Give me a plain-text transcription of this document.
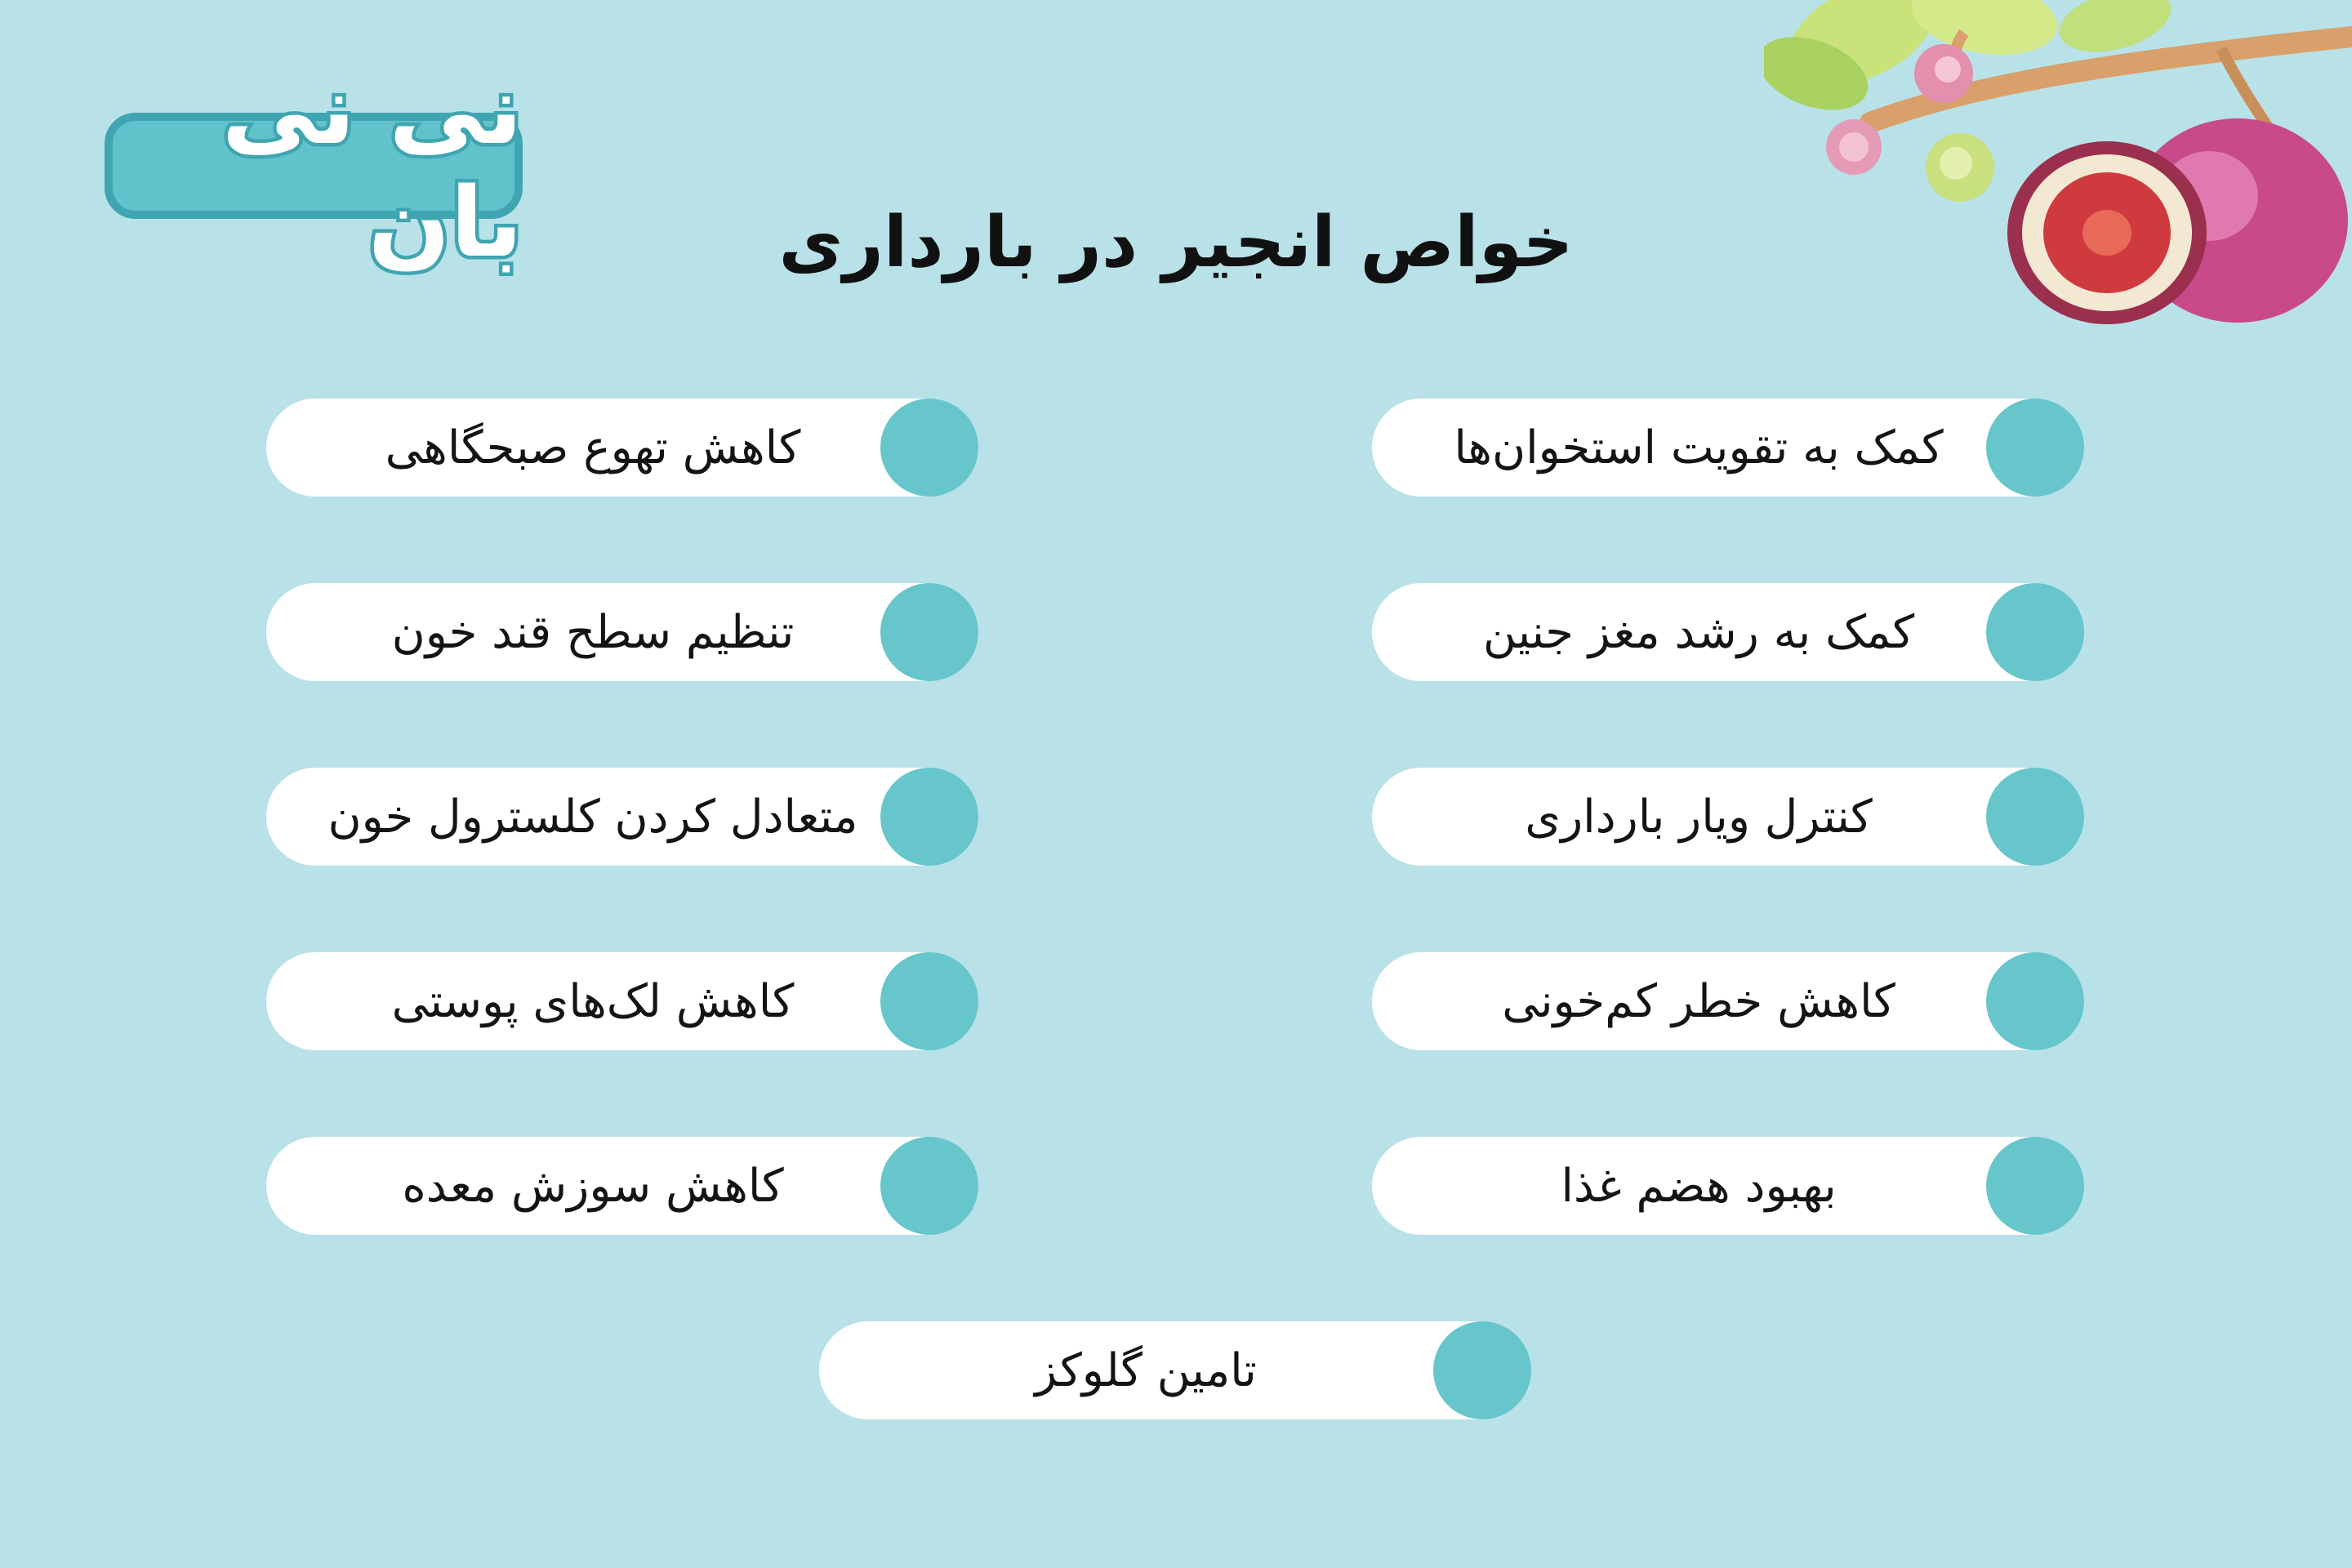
نی نی بان	خواص انجیر در بارداری
کمک به تقویت استخوان‌ها
کمک به رشد مغز جنین
کنترل ویار بارداری
کاهش خطر کم‌خونی
بهبود هضم غذا
کاهش تهوع صبحگاهی
تنظیم سطح قند خون
متعادل کردن کلسترول خون
کاهش لک‌های پوستی
کاهش سوزش معده
تامین گلوکز
